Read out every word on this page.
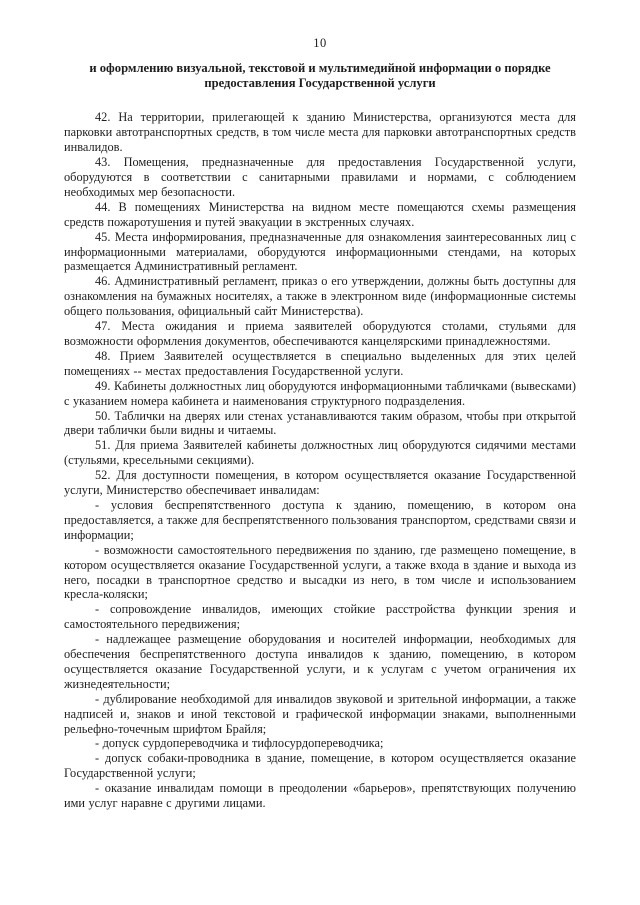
10
и оформлению визуальной, текстовой и мультимедийной информации о порядке предоставления Государственной услуги

42. На территории, прилегающей к зданию Министерства, организуются места для парковки автотранспортных средств, в том числе места для парковки автотранспортных средств инвалидов.

43. Помещения, предназначенные для предоставления Государственной услуги, оборудуются в соответствии с санитарными правилами и нормами, с соблюдением необходимых мер безопасности.

44. В помещениях Министерства на видном месте помещаются схемы размещения средств пожаротушения и путей эвакуации в экстренных случаях.

45. Места информирования, предназначенные для ознакомления заинтересованных лиц с информационными материалами, оборудуются информационными стендами, на которых размещается Административный регламент.

46. Административный регламент, приказ о его утверждении, должны быть доступны для ознакомления на бумажных носителях, а также в электронном виде (информационные системы общего пользования, официальный сайт Министерства).

47. Места ожидания и приема заявителей оборудуются столами, стульями для возможности оформления документов, обеспечиваются канцелярскими принадлежностями.

48. Прием Заявителей осуществляется в специально выделенных для этих целей помещениях -- местах предоставления Государственной услуги.

49. Кабинеты должностных лиц оборудуются информационными табличками (вывесками) с указанием номера кабинета и наименования структурного подразделения.

50. Таблички на дверях или стенах устанавливаются таким образом, чтобы при открытой двери таблички были видны и читаемы.

51. Для приема Заявителей кабинеты должностных лиц оборудуются сидячими местами (стульями, кресельными секциями).

52. Для доступности помещения, в котором осуществляется оказание Государственной услуги, Министерство обеспечивает инвалидам:

- условия беспрепятственного доступа к зданию, помещению, в котором она предоставляется, а также для беспрепятственного пользования транспортом, средствами связи и информации;

- возможности самостоятельного передвижения по зданию, где размещено помещение, в котором осуществляется оказание Государственной услуги, а также входа в здание и выхода из него, посадки в транспортное средство и высадки из него, в том числе и использованием кресла-коляски;

- сопровождение инвалидов, имеющих стойкие расстройства функции зрения и самостоятельного передвижения;

- надлежащее размещение оборудования и носителей информации, необходимых для обеспечения беспрепятственного доступа инвалидов к зданию, помещению, в котором осуществляется оказание Государственной услуги, и к услугам с учетом ограничения их жизнедеятельности;

- дублирование необходимой для инвалидов звуковой и зрительной информации, а также надписей и, знаков и иной текстовой и графической информации знаками, выполненными рельефно-точечным шрифтом Брайля;

- допуск сурдопереводчика и тифлосурдопереводчика;

- допуск собаки-проводника в здание, помещение, в котором осуществляется оказание Государственной услуги;

- оказание инвалидам помощи в преодолении «барьеров», препятствующих получению ими услуг наравне с другими лицами.
